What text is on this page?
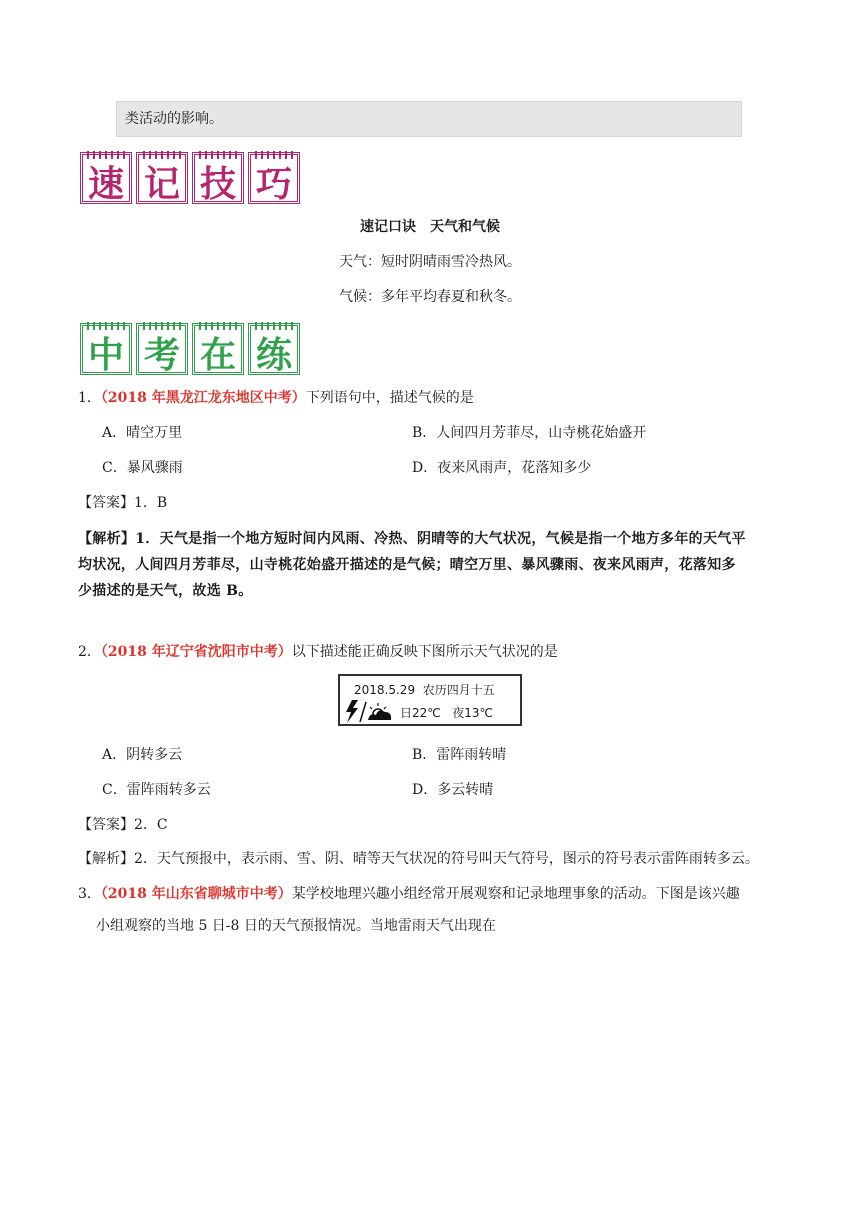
类活动的影响。
速 记 技 巧
速记口诀　天气和气候
天气：短时阴晴雨雪冷热风。
气候：多年平均春夏和秋冬。
中 考 在 练
1．（2018 年黑龙江龙东地区中考）下列语句中，描述气候的是
A．晴空万里	B．人间四月芳菲尽，山寺桃花始盛开
C．暴风骤雨	D．夜来风雨声，花落知多少
【答案】1．B
【解析】1．天气是指一个地方短时间内风雨、冷热、阴晴等的大气状况，气候是指一个地方多年的天气平
均状况，人间四月芳菲尽，山寺桃花始盛开描述的是气候；晴空万里、暴风骤雨、夜来风雨声，花落知多
少描述的是天气，故选 B。
2．（2018 年辽宁省沈阳市中考）以下描述能正确反映下图所示天气状况的是
2018.5.29 农历四月十五
日22℃ 夜13℃
A．阴转多云	B．雷阵雨转晴
C．雷阵雨转多云	D．多云转晴
【答案】2．C
【解析】2．天气预报中，表示雨、雪、阴、晴等天气状况的符号叫天气符号，图示的符号表示雷阵雨转多云。
3．（2018 年山东省聊城市中考）某学校地理兴趣小组经常开展观察和记录地理事象的活动。下图是该兴趣
小组观察的当地 5 日-8 日的天气预报情况。当地雷雨天气出现在
